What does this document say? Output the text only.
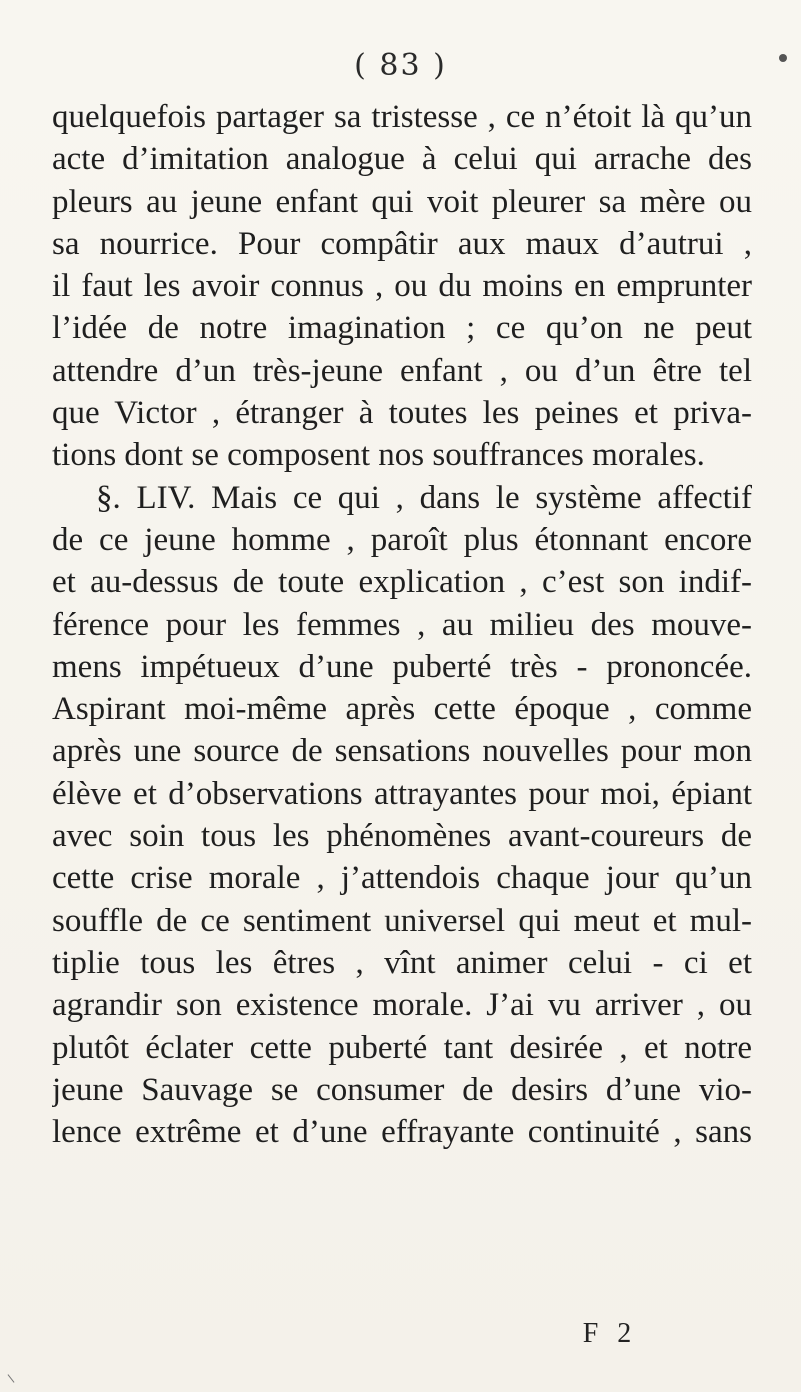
( 83 )
quelquefois partager sa tristesse , ce n’étoit là qu’un
acte d’imitation analogue à celui qui arrache des
pleurs au jeune enfant qui voit pleurer sa mère ou
sa nourrice. Pour compâtir aux maux d’autrui ,
il faut les avoir connus , ou du moins en emprunter
l’idée de notre imagination ; ce qu’on ne peut
attendre d’un très-jeune enfant , ou d’un être tel
que Victor , étranger à toutes les peines et priva-
tions dont se composent nos souffrances morales.
§. LIV. Mais ce qui , dans le système affectif
de ce jeune homme , paroît plus étonnant encore
et au-dessus de toute explication , c’est son indif-
férence pour les femmes , au milieu des mouve-
mens impétueux d’une puberté très - prononcée.
Aspirant moi-même après cette époque , comme
après une source de sensations nouvelles pour mon
élève et d’observations attrayantes pour moi, épiant
avec soin tous les phénomènes avant-coureurs de
cette crise morale , j’attendois chaque jour qu’un
souffle de ce sentiment universel qui meut et mul-
tiplie tous les êtres , vînt animer celui - ci et
agrandir son existence morale. J’ai vu arriver , ou
plutôt éclater cette puberté tant desirée , et notre
jeune Sauvage se consumer de desirs d’une vio-
lence extrême et d’une effrayante continuité , sans
F 2
